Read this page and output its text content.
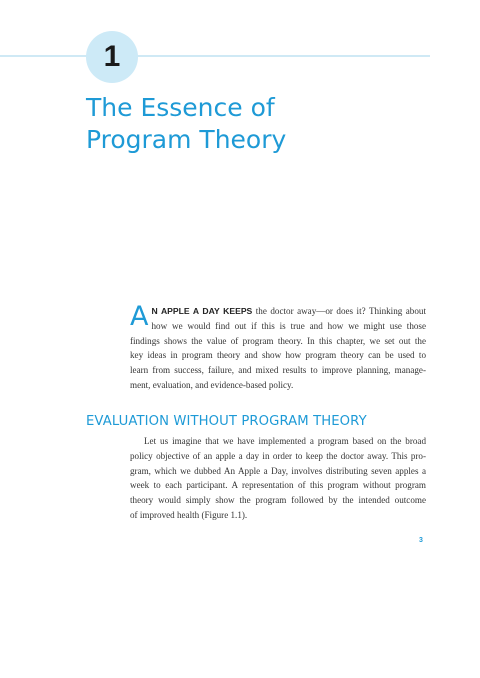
1
The Essence of
Program Theory
A N APPLE A DAY KEEPS the doctor away—or does it? Thinking about
how we would find out if this is true and how we might use those
findings shows the value of program theory. In this chapter, we set out the
key ideas in program theory and show how program theory can be used to
learn from success, failure, and mixed results to improve planning, manage-
ment, evaluation, and evidence-based policy.
EVALUATION WITHOUT PROGRAM THEORY
Let us imagine that we have implemented a program based on the broad
policy objective of an apple a day in order to keep the doctor away. This pro-
gram, which we dubbed An Apple a Day, involves distributing seven apples a
week to each participant. A representation of this program without program
theory would simply show the program followed by the intended outcome
of improved health (Figure 1.1).
3
